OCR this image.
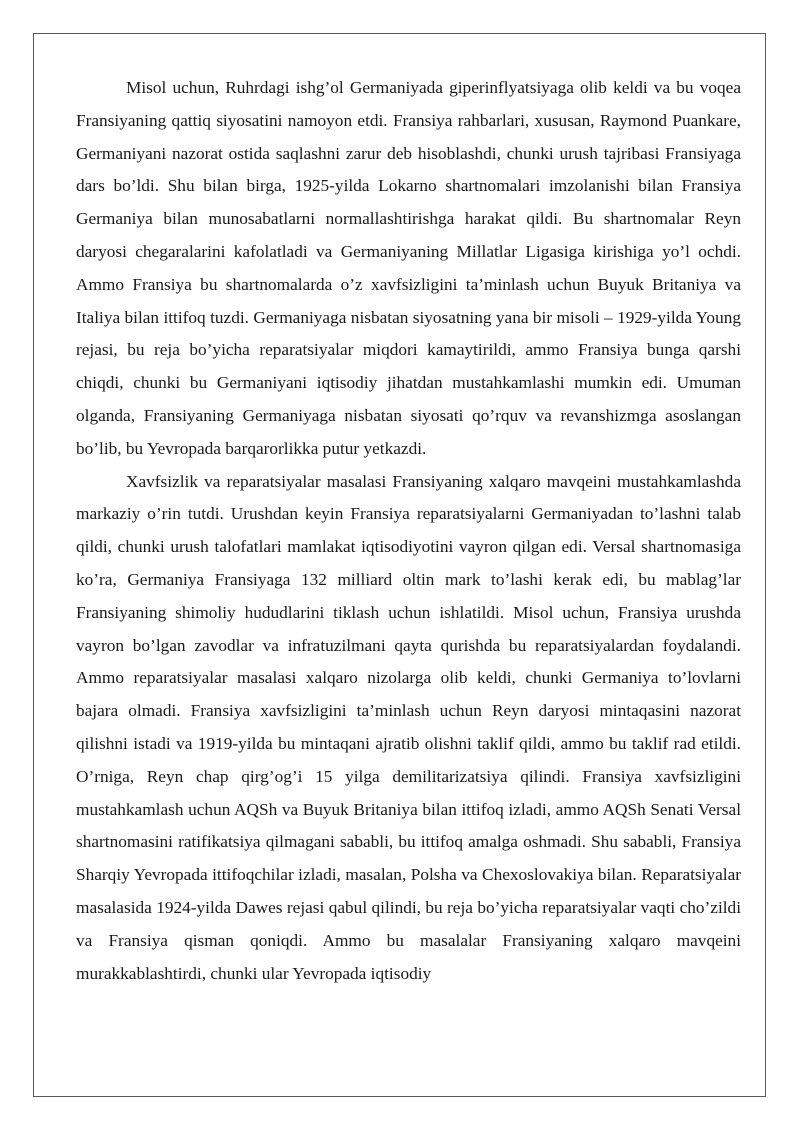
Misol uchun, Ruhrdagi ishg’ol Germaniyada giperinflyatsiyaga olib keldi va bu voqea Fransiyaning qattiq siyosatini namoyon etdi. Fransiya rahbarlari, xususan, Raymond Puankare, Germaniyani nazorat ostida saqlashni zarur deb hisoblashdi, chunki urush tajribasi Fransiyaga dars bo’ldi. Shu bilan birga, 1925-yilda Lokarno shartnomalari imzolanishi bilan Fransiya Germaniya bilan munosabatlarni normallashtirishga harakat qildi. Bu shartnomalar Reyn daryosi chegaralarini kafolatladi va Germaniyaning Millatlar Ligasiga kirishiga yo’l ochdi. Ammo Fransiya bu shartnomalarda o’z xavfsizligini ta’minlash uchun Buyuk Britaniya va Italiya bilan ittifoq tuzdi. Germaniyaga nisbatan siyosatning yana bir misoli – 1929-yilda Young rejasi, bu reja bo’yicha reparatsiyalar miqdori kamaytirildi, ammo Fransiya bunga qarshi chiqdi, chunki bu Germaniyani iqtisodiy jihatdan mustahkamlashi mumkin edi. Umuman olganda, Fransiyaning Germaniyaga nisbatan siyosati qo’rquv va revanshizmga asoslangan bo’lib, bu Yevropada barqarorlikka putur yetkazdi.

Xavfsizlik va reparatsiyalar masalasi Fransiyaning xalqaro mavqeini mustahkamlashda markaziy o’rin tutdi. Urushdan keyin Fransiya reparatsiyalarni Germaniyadan to’lashni talab qildi, chunki urush talofatlari mamlakat iqtisodiyotini vayron qilgan edi. Versal shartnomasiga ko’ra, Germaniya Fransiyaga 132 milliard oltin mark to’lashi kerak edi, bu mablag’lar Fransiyaning shimoliy hududlarini tiklash uchun ishlatildi. Misol uchun, Fransiya urushda vayron bo’lgan zavodlar va infratuzilmani qayta qurishda bu reparatsiyalardan foydalandi. Ammo reparatsiyalar masalasi xalqaro nizolarga olib keldi, chunki Germaniya to’lovlarni bajara olmadi. Fransiya xavfsizligini ta’minlash uchun Reyn daryosi mintaqasini nazorat qilishni istadi va 1919-yilda bu mintaqani ajratib olishni taklif qildi, ammo bu taklif rad etildi. O’rniga, Reyn chap qirg’og’i 15 yilga demilitarizatsiya qilindi. Fransiya xavfsizligini mustahkamlash uchun AQSh va Buyuk Britaniya bilan ittifoq izladi, ammo AQSh Senati Versal shartnomasini ratifikatsiya qilmagani sababli, bu ittifoq amalga oshmadi. Shu sababli, Fransiya Sharqiy Yevropada ittifoqchilar izladi, masalan, Polsha va Chexoslovakiya bilan. Reparatsiyalar masalasida 1924-yilda Dawes rejasi qabul qilindi, bu reja bo’yicha reparatsiyalar vaqti cho’zildi va Fransiya qisman qoniqdi. Ammo bu masalalar Fransiyaning xalqaro mavqeini murakkablashtirdi, chunki ular Yevropada iqtisodiy
